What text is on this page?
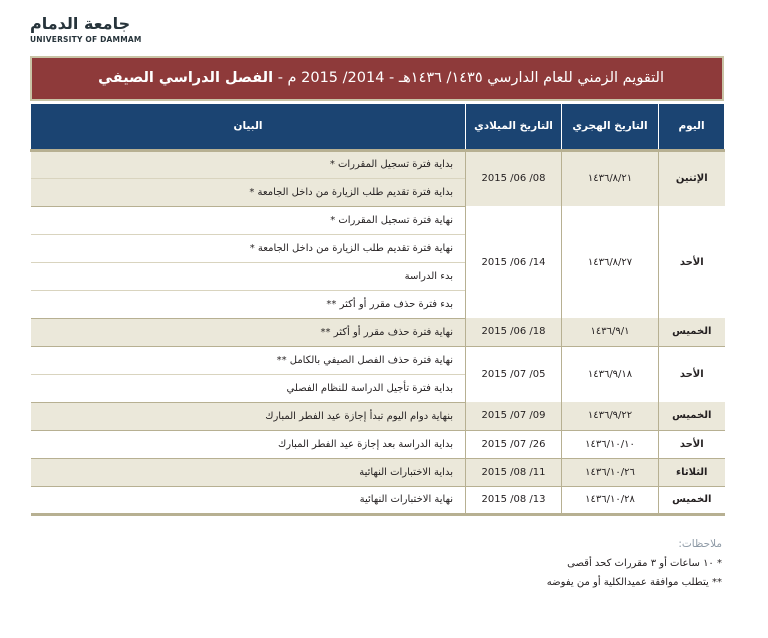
جامعة الدمام
UNIVERSITY OF DAMMAM
التقويم الزمني للعام الدارسي ١٤٣٥/ ١٤٣٦هـ - 2014/ 2015 م - الفصل الدراسي الصيفي
اليوم	التاريخ الهجري	التاريخ الميلادي	البيان
الإثنين	١٤٣٦/٨/٢١	2015 /06 /08	بداية فترة تسجيل المقررات *
			بداية فترة تقديم طلب الزيارة من داخل الجامعة *
الأحد	١٤٣٦/٨/٢٧	2015 /06 /14	نهاية فترة تسجيل المقررات *
			نهاية فترة تقديم طلب الزيارة من داخل الجامعة *
			بدء الدراسة
			بدء فترة حذف مقرر أو أكثر **
الخميس	١٤٣٦/٩/١	2015 /06 /18	نهاية فترة حذف مقرر أو أكثر **
الأحد	١٤٣٦/٩/١٨	2015 /07 /05	نهاية فترة حذف الفصل الصيفي بالكامل **
			بداية فترة تأجيل الدراسة للنظام الفصلي
الخميس	١٤٣٦/٩/٢٢	2015 /07 /09	بنهاية دوام اليوم تبدأ إجازة عيد الفطر المبارك
الأحد	١٤٣٦/١٠/١٠	2015 /07 /26	بداية الدراسة بعد إجازة عيد الفطر المبارك
الثلاثاء	١٤٣٦/١٠/٢٦	2015 /08 /11	بداية الاختبارات النهائية
الخميس	١٤٣٦/١٠/٢٨	2015 /08 /13	نهاية الاختبارات النهائية
ملاحظات:
* ١٠ ساعات أو ٣ مقررات كحد أقصى
** يتطلب موافقة عميدالكلية أو من يفوضه
